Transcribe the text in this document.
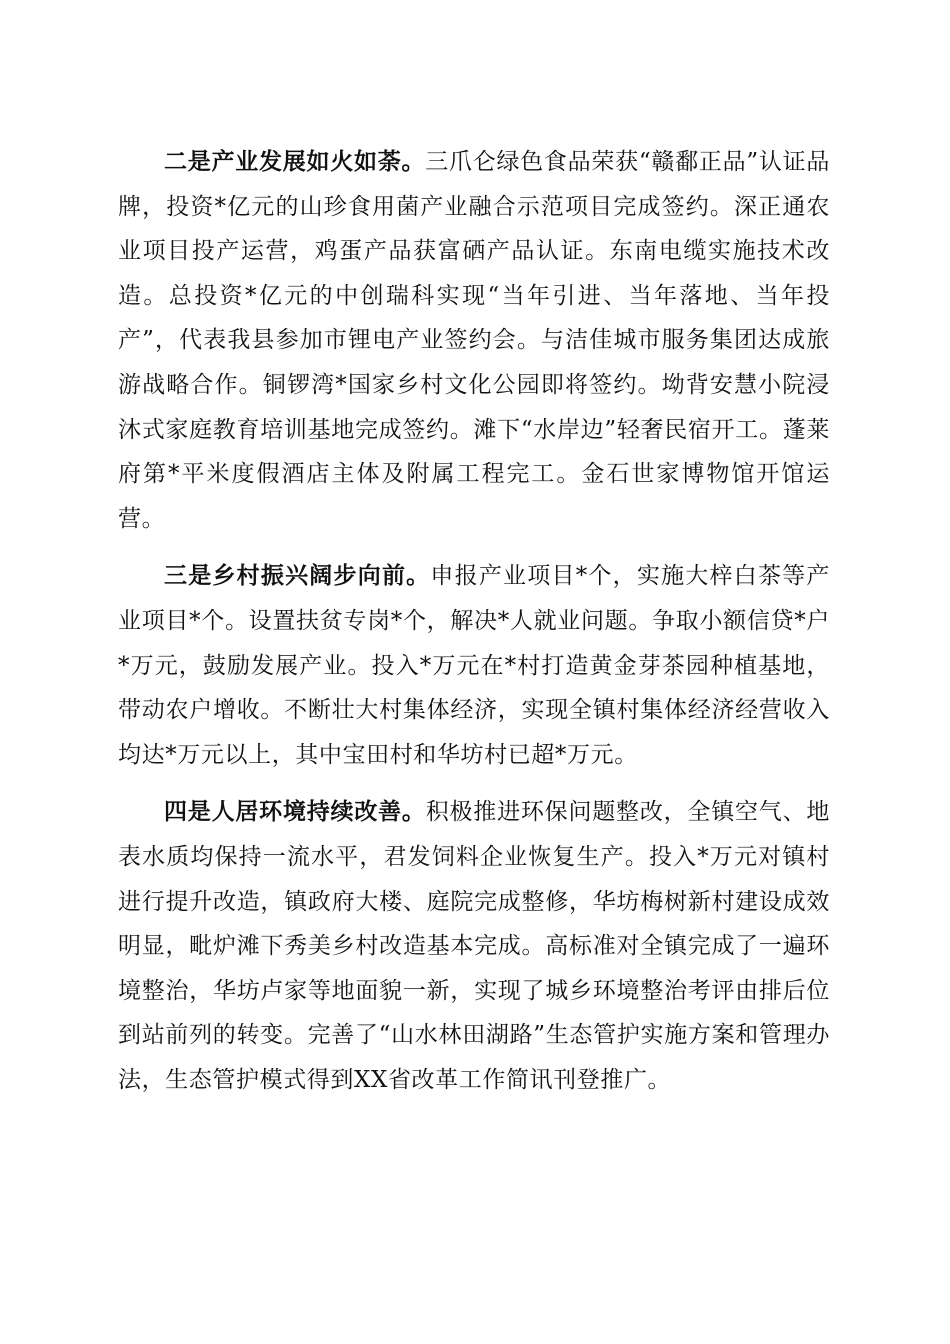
二是产业发展如火如荼。三爪仑绿色食品荣获“赣鄱正品”认证品牌，投资*亿元的山珍食用菌产业融合示范项目完成签约。深正通农业项目投产运营，鸡蛋产品获富硒产品认证。东南电缆实施技术改造。总投资*亿元的中创瑞科实现“当年引进、当年落地、当年投产”，代表我县参加市锂电产业签约会。与洁佳城市服务集团达成旅游战略合作。铜锣湾*国家乡村文化公园即将签约。坳背安慧小院浸沐式家庭教育培训基地完成签约。滩下“水岸边”轻奢民宿开工。蓬莱府第*平米度假酒店主体及附属工程完工。金石世家博物馆开馆运营。

三是乡村振兴阔步向前。申报产业项目*个，实施大梓白茶等产业项目*个。设置扶贫专岗*个，解决*人就业问题。争取小额信贷*户*万元，鼓励发展产业。投入*万元在*村打造黄金芽茶园种植基地，带动农户增收。不断壮大村集体经济，实现全镇村集体经济经营收入均达*万元以上，其中宝田村和华坊村已超*万元。

四是人居环境持续改善。积极推进环保问题整改，全镇空气、地表水质均保持一流水平，君发饲料企业恢复生产。投入*万元对镇村进行提升改造，镇政府大楼、庭院完成整修，华坊梅树新村建设成效明显，毗炉滩下秀美乡村改造基本完成。高标准对全镇完成了一遍环境整治，华坊卢家等地面貌一新，实现了城乡环境整治考评由排后位到站前列的转变。完善了“山水林田湖路”生态管护实施方案和管理办法，生态管护模式得到XX省改革工作简讯刊登推广。
